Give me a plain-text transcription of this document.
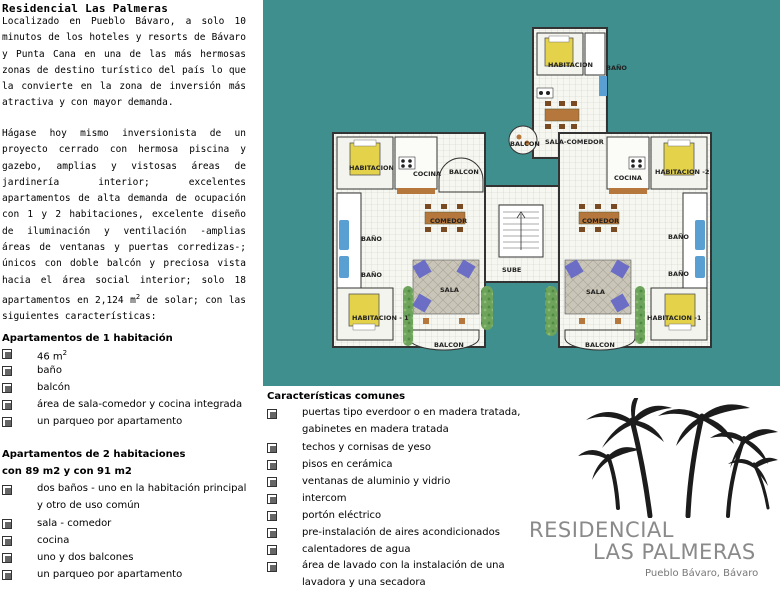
Residencial Las Palmeras
Localizado en Pueblo Bávaro, a solo 10 minutos de los hoteles y resorts de Bávaro y Punta Cana en una de las más hermosas zonas de destino turístico del país lo que la convierte en la zona de inversión más atractiva y con mayor demanda.
Hágase hoy mismo inversionista de un proyecto cerrado con hermosa piscina y gazebo, amplias y vistosas áreas de jardinería interior; excelentes apartamentos de alta demanda de ocupación con 1 y 2 habitaciones, excelente diseño de iluminación y ventilación -amplias áreas de ventanas y puertas corredizas-; únicos con doble balcón y preciosa vista hacia el área social interior; solo 18 apartamentos en 2,124 $m^2$ de solar; con las siguientes características:
Apartamentos de 1 habitación
46 $m^2$
baño
balcón
área de sala-comedor y cocina integrada
un parqueo por apartamento
Apartamentos de 2 habitaciones
con 89 m2 y con 91 m2
dos baños - uno en la habitación principal y otro de uso común
sala - comedor
cocina
uno y dos balcones
un parqueo por apartamento
HABITACION BAÑO
BALCON SALA-COMEDOR
HABITACION	HABITACION -2
COCINA	COCINA
BALCON
COMEDOR	COMEDOR
BAÑO
BAÑO
BAÑO
BAÑO
SUBE
SALA	SALA
HABITACION - 1	HABITACION -1
BALCON	BALCON
Características comunes
puertas tipo everdoor o en madera tratada, gabinetes en madera tratada
techos y cornisas de yeso
pisos en cerámica
ventanas de aluminio y vidrio
intercom
portón eléctrico
pre-instalación de aires acondicionados
calentadores de agua
área de lavado con la instalación de una lavadora y una secadora
RESIDENCIAL
LAS PALMERAS
Pueblo Bávaro, Bávaro
